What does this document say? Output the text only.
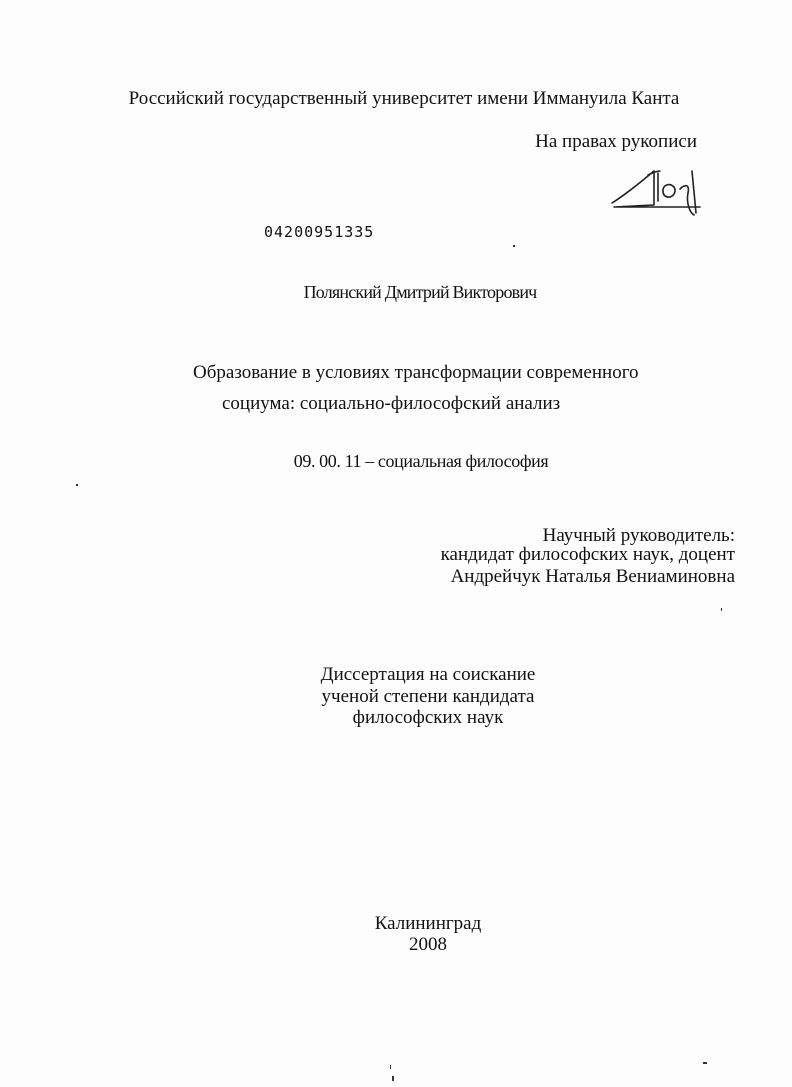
Российский государственный университет имени Иммануила Канта
На правах рукописи
04200951335
Полянский Дмитрий Викторович
Образование в условиях трансформации современного
социума: социально-философский анализ
09. 00. 11 – социальная философия
Научный руководитель:
кандидат философских наук, доцент
Андрейчук Наталья Вениаминовна
Диссертация на соискание
ученой степени кандидата
философских наук
Калининград
2008
